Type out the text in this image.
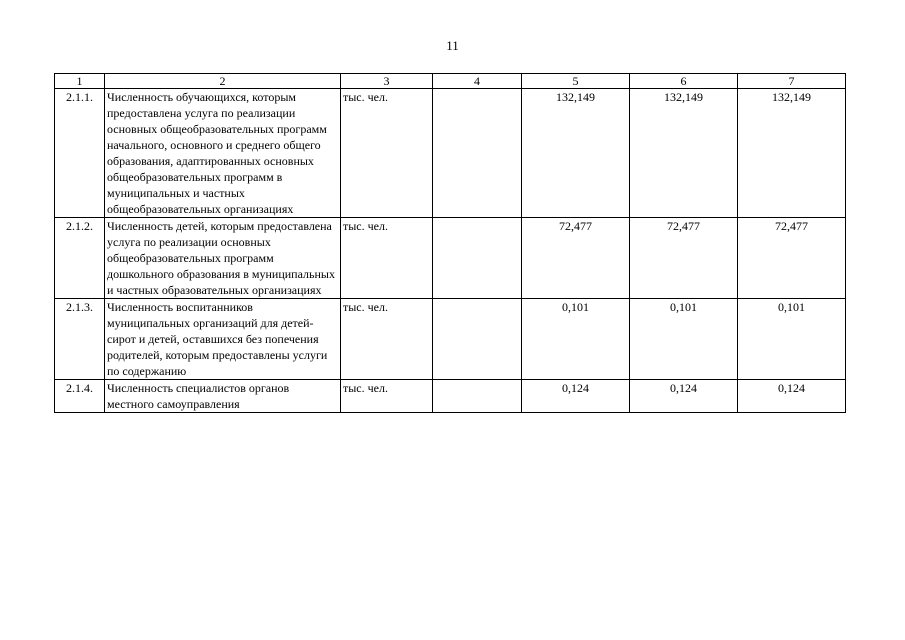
11
1	2	3	4	5	6	7
2.1.1.	Численность обучающихся, которым предоставлена услуга по реализации основных общеобразовательных программ начального, основного и среднего общего образования, адаптированных основных общеобразовательных программ в муниципальных и частных общеобразовательных организациях	тыс. чел.		132,149	132,149	132,149
2.1.2.	Численность детей, которым предоставлена услуга по реализации основных общеобразовательных программ дошкольного образования в муниципальных и частных образовательных организациях	тыс. чел.		72,477	72,477	72,477
2.1.3.	Численность воспитанников муниципальных организаций для детей-сирот и детей, оставшихся без попечения родителей, которым предоставлены услуги по содержанию	тыс. чел.		0,101	0,101	0,101
2.1.4.	Численность специалистов органов местного самоуправления	тыс. чел.		0,124	0,124	0,124
